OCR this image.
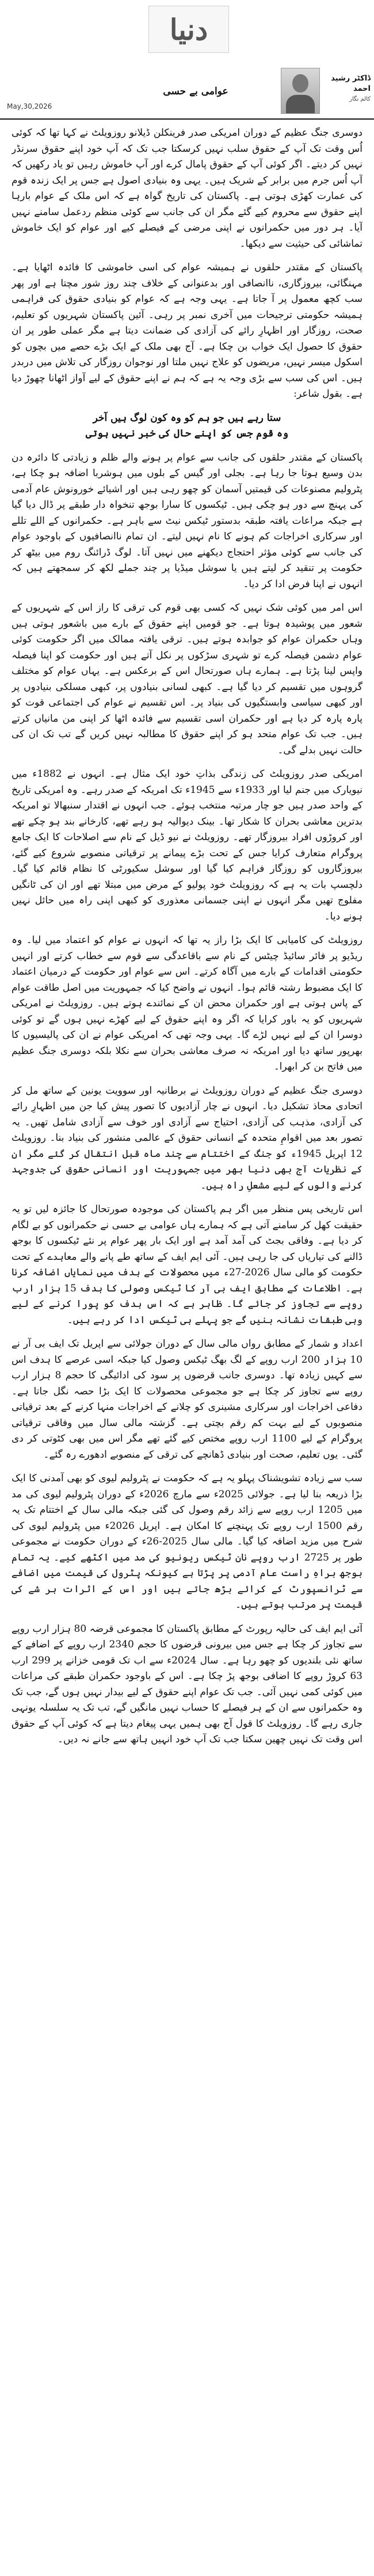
دنیا
ڈاکٹر رشید احمد
کالم نگار
عوامی بے حسی
May,30,2026

دوسری جنگ عظیم کے دوران امریکی صدر فرینکلن ڈیلانو روزویلٹ نے کہا تھا کہ کوئی اُس وقت تک آپ کے حقوق سلب نہیں کرسکتا جب تک کہ آپ خود اپنے حقوق سرنڈر نہیں کر دیتے۔ اگر کوئی آپ کے حقوق پامال کرے اور آپ خاموش رہیں تو یاد رکھیں کہ آپ اُس جرم میں برابر کے شریک ہیں۔ یہی وہ بنیادی اصول ہے جس پر ایک زندہ قوم کی عمارت کھڑی ہوتی ہے۔ پاکستان کی تاریخ گواہ ہے کہ اس ملک کے عوام بارہا اپنے حقوق سے محروم کیے گئے مگر ان کی جانب سے کوئی منظم ردعمل سامنے نہیں آیا۔ ہر دور میں حکمرانوں نے اپنی مرضی کے فیصلے کیے اور عوام کو ایک خاموش تماشائی کی حیثیت سے دیکھا۔

پاکستان کے مقتدر حلقوں نے ہمیشہ عوام کی اسی خاموشی کا فائدہ اٹھایا ہے۔ مہنگائی، بیروزگاری، ناانصافی اور بدعنوانی کے خلاف چند روز شور مچتا ہے اور پھر سب کچھ معمول پر آ جاتا ہے۔ یہی وجہ ہے کہ عوام کو بنیادی حقوق کی فراہمی ہمیشہ حکومتی ترجیحات میں آخری نمبر پر رہی۔ آئین پاکستان شہریوں کو تعلیم، صحت، روزگار اور اظہارِ رائے کی آزادی کی ضمانت دیتا ہے مگر عملی طور پر ان حقوق کا حصول ایک خواب بن چکا ہے۔ آج بھی ملک کے ایک بڑے حصے میں بچوں کو اسکول میسر نہیں، مریضوں کو علاج نہیں ملتا اور نوجوان روزگار کی تلاش میں دربدر ہیں۔ اس کی سب سے بڑی وجہ یہ ہے کہ ہم نے اپنے حقوق کے لیے آواز اٹھانا چھوڑ دیا ہے۔ بقول شاعر:

ستا رہے ہیں جو ہم کو وہ کون لوگ ہیں آخر
وہ قوم جس کو اپنے حال کی خبر نہیں ہوتی

پاکستان کے مقتدر حلقوں کی جانب سے عوام پر ہونے والے ظلم و زیادتی کا دائرہ دن بدن وسیع ہوتا جا رہا ہے۔ بجلی اور گیس کے بلوں میں ہوشربا اضافہ ہو چکا ہے، پٹرولیم مصنوعات کی قیمتیں آسمان کو چھو رہی ہیں اور اشیائے خورونوش عام آدمی کی پہنچ سے دور ہو چکی ہیں۔ ٹیکسوں کا سارا بوجھ تنخواہ دار طبقے پر ڈال دیا گیا ہے جبکہ مراعات یافتہ طبقہ بدستور ٹیکس نیٹ سے باہر ہے۔ حکمرانوں کے اللے تللے اور سرکاری اخراجات کم ہونے کا نام نہیں لیتے۔ ان تمام ناانصافیوں کے باوجود عوام کی جانب سے کوئی مؤثر احتجاج دیکھنے میں نہیں آتا۔ لوگ ڈرائنگ روم میں بیٹھ کر حکومت پر تنقید کر لیتے ہیں یا سوشل میڈیا پر چند جملے لکھ کر سمجھتے ہیں کہ انہوں نے اپنا فرض ادا کر دیا۔

اس امر میں کوئی شک نہیں کہ کسی بھی قوم کی ترقی کا راز اس کے شہریوں کے شعور میں پوشیدہ ہوتا ہے۔ جو قومیں اپنے حقوق کے بارے میں باشعور ہوتی ہیں وہاں حکمران عوام کو جوابدہ ہوتے ہیں۔ ترقی یافتہ ممالک میں اگر حکومت کوئی عوام دشمن فیصلہ کرے تو شہری سڑکوں پر نکل آتے ہیں اور حکومت کو اپنا فیصلہ واپس لینا پڑتا ہے۔ ہمارے ہاں صورتحال اس کے برعکس ہے۔ یہاں عوام کو مختلف گروہوں میں تقسیم کر دیا گیا ہے۔ کبھی لسانی بنیادوں پر، کبھی مسلکی بنیادوں پر اور کبھی سیاسی وابستگیوں کی بنیاد پر۔ اس تقسیم نے عوام کی اجتماعی قوت کو پارہ پارہ کر دیا ہے اور حکمران اسی تقسیم سے فائدہ اٹھا کر اپنی من مانیاں کرتے ہیں۔ جب تک عوام متحد ہو کر اپنے حقوق کا مطالبہ نہیں کریں گے تب تک ان کی حالت نہیں بدلے گی۔

امریکی صدر روزویلٹ کی زندگی بذاتِ خود ایک مثال ہے۔ انہوں نے 1882ء میں نیویارک میں جنم لیا اور 1933ء سے 1945ء تک امریکہ کے صدر رہے۔ وہ امریکی تاریخ کے واحد صدر ہیں جو چار مرتبہ منتخب ہوئے۔ جب انہوں نے اقتدار سنبھالا تو امریکہ بدترین معاشی بحران کا شکار تھا۔ بینک دیوالیہ ہو رہے تھے، کارخانے بند ہو چکے تھے اور کروڑوں افراد بیروزگار تھے۔ روزویلٹ نے نیو ڈیل کے نام سے اصلاحات کا ایک جامع پروگرام متعارف کرایا جس کے تحت بڑے پیمانے پر ترقیاتی منصوبے شروع کیے گئے، بیروزگاروں کو روزگار فراہم کیا گیا اور سوشل سکیورٹی کا نظام قائم کیا گیا۔ دلچسپ بات یہ ہے کہ روزویلٹ خود پولیو کے مرض میں مبتلا تھے اور ان کی ٹانگیں مفلوج تھیں مگر انہوں نے اپنی جسمانی معذوری کو کبھی اپنی راہ میں حائل نہیں ہونے دیا۔

روزویلٹ کی کامیابی کا ایک بڑا راز یہ تھا کہ انہوں نے عوام کو اعتماد میں لیا۔ وہ ریڈیو پر فائر سائیڈ چیٹس کے نام سے باقاعدگی سے قوم سے خطاب کرتے اور انہیں حکومتی اقدامات کے بارے میں آگاہ کرتے۔ اس سے عوام اور حکومت کے درمیان اعتماد کا ایک مضبوط رشتہ قائم ہوا۔ انہوں نے واضح کیا کہ جمہوریت میں اصل طاقت عوام کے پاس ہوتی ہے اور حکمران محض ان کے نمائندے ہوتے ہیں۔ روزویلٹ نے امریکی شہریوں کو یہ باور کرایا کہ اگر وہ اپنے حقوق کے لیے کھڑے نہیں ہوں گے تو کوئی دوسرا ان کے لیے نہیں لڑے گا۔ یہی وجہ تھی کہ امریکی عوام نے ان کی پالیسیوں کا بھرپور ساتھ دیا اور امریکہ نہ صرف معاشی بحران سے نکلا بلکہ دوسری جنگ عظیم میں فاتح بن کر ابھرا۔

دوسری جنگ عظیم کے دوران روزویلٹ نے برطانیہ اور سوویت یونین کے ساتھ مل کر اتحادی محاذ تشکیل دیا۔ انہوں نے چار آزادیوں کا تصور پیش کیا جن میں اظہارِ رائے کی آزادی، مذہب کی آزادی، احتیاج سے آزادی اور خوف سے آزادی شامل تھیں۔ یہ تصور بعد میں اقوامِ متحدہ کے انسانی حقوق کے عالمی منشور کی بنیاد بنا۔ روزویلٹ 12 اپریل 1945ء کو جنگ کے اختتام سے چند ماہ قبل انتقال کر گئے مگر ان کے نظریات آج بھی دنیا بھر میں جمہوریت اور انسانی حقوق کی جدوجہد کرنے والوں کے لیے مشعلِ راہ ہیں۔

اس تاریخی پس منظر میں اگر ہم پاکستان کی موجودہ صورتحال کا جائزہ لیں تو یہ حقیقت کھل کر سامنے آتی ہے کہ ہمارے ہاں عوامی بے حسی نے حکمرانوں کو بے لگام کر دیا ہے۔ وفاقی بجٹ کی آمد آمد ہے اور ایک بار پھر عوام پر نئے ٹیکسوں کا بوجھ ڈالنے کی تیاریاں کی جا رہی ہیں۔ آئی ایم ایف کے ساتھ طے پانے والے معاہدے کے تحت حکومت کو مالی سال 2026-27ء میں محصولات کے ہدف میں نمایاں اضافہ کرنا ہے۔ اطلاعات کے مطابق ایف بی آر کا ٹیکس وصولی کا ہدف 15 ہزار ارب روپے سے تجاوز کر جائے گا۔ ظاہر ہے کہ اس ہدف کو پورا کرنے کے لیے وہی طبقات نشانہ بنیں گے جو پہلے ہی ٹیکس ادا کر رہے ہیں۔

اعداد و شمار کے مطابق رواں مالی سال کے دوران جولائی سے اپریل تک ایف بی آر نے 10 ہزار 200 ارب روپے کے لگ بھگ ٹیکس وصول کیا جبکہ اسی عرصے کا ہدف اس سے کہیں زیادہ تھا۔ دوسری جانب قرضوں پر سود کی ادائیگی کا حجم 8 ہزار ارب روپے سے تجاوز کر چکا ہے جو مجموعی محصولات کا ایک بڑا حصہ نگل جاتا ہے۔ دفاعی اخراجات اور سرکاری مشینری کو چلانے کے اخراجات منہا کرنے کے بعد ترقیاتی منصوبوں کے لیے بہت کم رقم بچتی ہے۔ گزشتہ مالی سال میں وفاقی ترقیاتی پروگرام کے لیے 1100 ارب روپے مختص کیے گئے تھے مگر اس میں بھی کٹوتی کر دی گئی۔ یوں تعلیم، صحت اور بنیادی ڈھانچے کی ترقی کے منصوبے ادھورے رہ گئے۔

سب سے زیادہ تشویشناک پہلو یہ ہے کہ حکومت نے پٹرولیم لیوی کو بھی آمدنی کا ایک بڑا ذریعہ بنا لیا ہے۔ جولائی 2025ء سے مارچ 2026ء کے دوران پٹرولیم لیوی کی مد میں 1205 ارب روپے سے زائد رقم وصول کی گئی جبکہ مالی سال کے اختتام تک یہ رقم 1500 ارب روپے تک پہنچنے کا امکان ہے۔ اپریل 2026ء میں پٹرولیم لیوی کی شرح میں مزید اضافہ کیا گیا۔ مالی سال 2025-26ء کے دوران حکومت نے مجموعی طور پر 2725 ارب روپے نان ٹیکس ریونیو کی مد میں اکٹھے کیے۔ یہ تمام بوجھ براہِ راست عام آدمی پر پڑتا ہے کیونکہ پٹرول کی قیمت میں اضافے سے ٹرانسپورٹ کے کرائے بڑھ جاتے ہیں اور اس کے اثرات ہر شے کی قیمت پر مرتب ہوتے ہیں۔

آئی ایم ایف کی حالیہ رپورٹ کے مطابق پاکستان کا مجموعی قرضہ 80 ہزار ارب روپے سے تجاوز کر چکا ہے جس میں بیرونی قرضوں کا حجم 2340 ارب روپے کے اضافے کے ساتھ نئی بلندیوں کو چھو رہا ہے۔ سال 2024ء سے اب تک قومی خزانے پر 299 ارب 63 کروڑ روپے کا اضافی بوجھ پڑ چکا ہے۔ اس کے باوجود حکمران طبقے کی مراعات میں کوئی کمی نہیں آئی۔ جب تک عوام اپنے حقوق کے لیے بیدار نہیں ہوں گے، جب تک وہ حکمرانوں سے ان کے ہر فیصلے کا حساب نہیں مانگیں گے، تب تک یہ سلسلہ یونہی جاری رہے گا۔ روزویلٹ کا قول آج بھی ہمیں یہی پیغام دیتا ہے کہ کوئی آپ کے حقوق اس وقت تک نہیں چھین سکتا جب تک آپ خود انہیں ہاتھ سے جانے نہ دیں۔
